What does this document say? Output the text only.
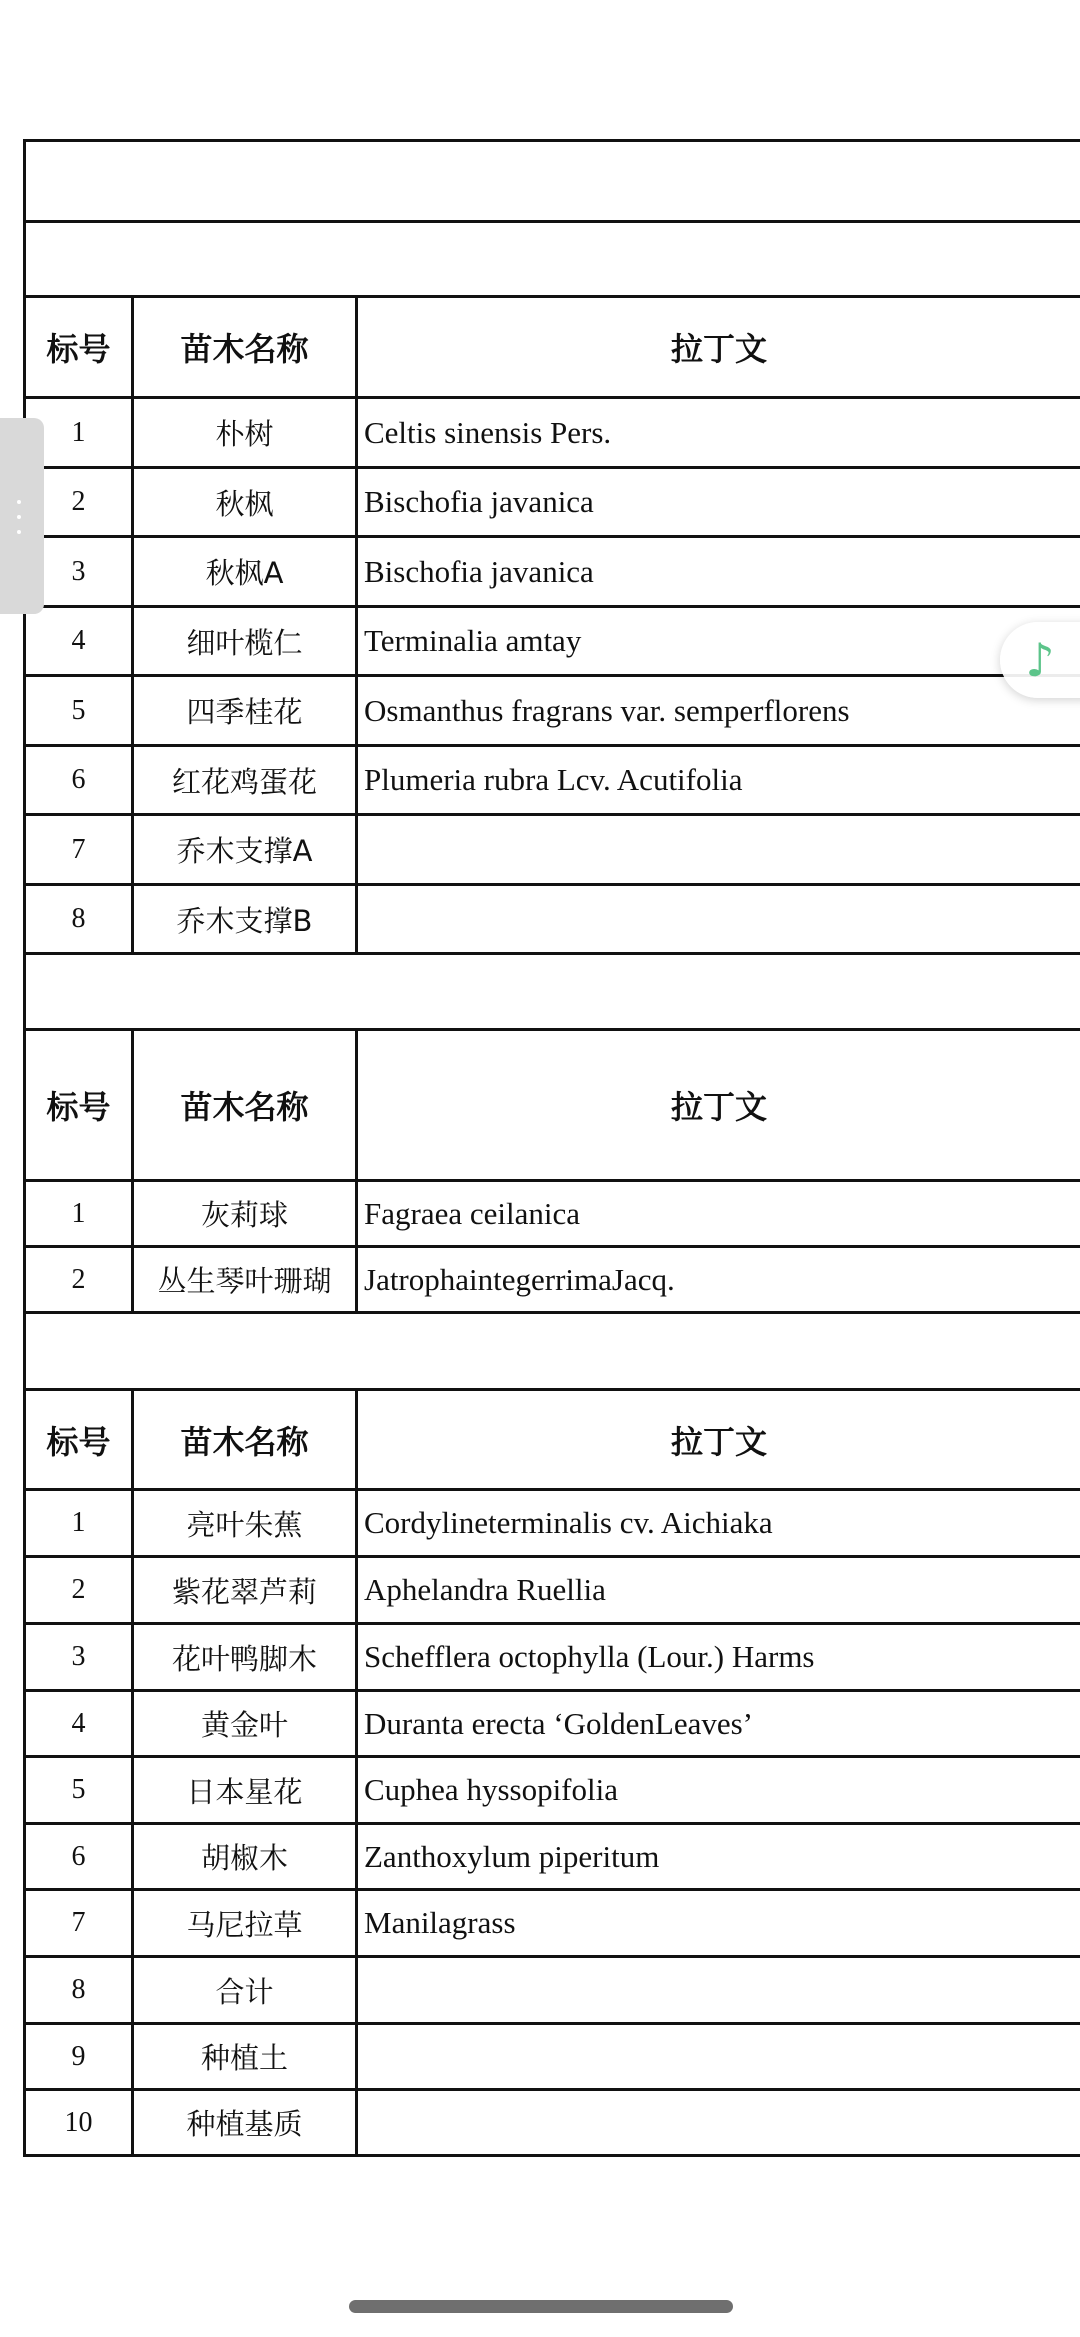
标号	苗木名称	拉丁文
1	朴树	Celtis sinensis Pers.
2	秋枫	Bischofia javanica
3	秋枫A	Bischofia javanica
4	细叶榄仁	Terminalia amtay
5	四季桂花	Osmanthus fragrans var. semperflorens
6	红花鸡蛋花	Plumeria rubra Lcv. Acutifolia
7	乔木支撑A
8	乔木支撑B
标号	苗木名称	拉丁文
1	灰莉球	Fagraea ceilanica
2	丛生琴叶珊瑚	JatrophaintegerrimaJacq.
标号	苗木名称	拉丁文
1	亮叶朱蕉	Cordylineterminalis cv. Aichiaka
2	紫花翠芦莉	Aphelandra Ruellia
3	花叶鸭脚木	Schefflera octophylla (Lour.) Harms
4	黄金叶	Duranta erecta ‘GoldenLeaves’
5	日本星花	Cuphea hyssopifolia
6	胡椒木	Zanthoxylum piperitum
7	马尼拉草	Manilagrass
8	合计
9	种植土
10	种植基质
♪
